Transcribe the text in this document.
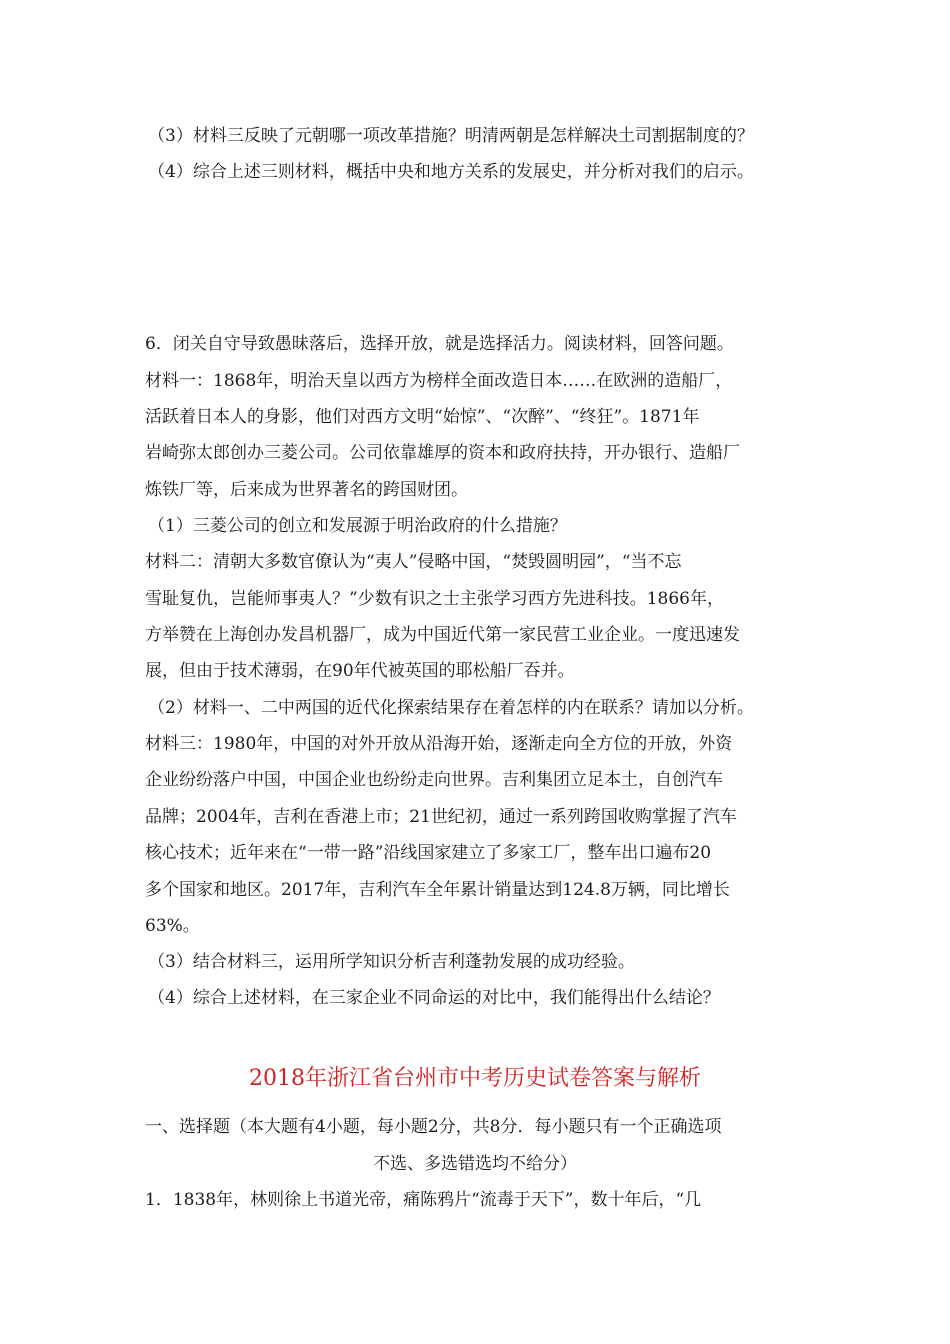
（3）材料三反映了元朝哪一项改革措施？明清两朝是怎样解决土司割据制度的？
（4）综合上述三则材料，概括中央和地方关系的发展史，并分析对我们的启示。
6．闭关自守导致愚昧落后，选择开放，就是选择活力。阅读材料，回答问题。
材料一：1868年，明治天皇以西方为榜样全面改造日本……在欧洲的造船厂，
活跃着日本人的身影，他们对西方文明“始惊”、“次醉”、“终狂”。1871年
岩崎弥太郎创办三菱公司。公司依靠雄厚的资本和政府扶持，开办银行、造船厂
炼铁厂等，后来成为世界著名的跨国财团。
（1）三菱公司的创立和发展源于明治政府的什么措施？
材料二：清朝大多数官僚认为“夷人”侵略中国，“焚毁圆明园”，“当不忘
雪耻复仇，岂能师事夷人？”少数有识之士主张学习西方先进科技。1866年，
方举赞在上海创办发昌机器厂，成为中国近代第一家民营工业企业。一度迅速发
展，但由于技术薄弱，在90年代被英国的耶松船厂吞并。
（2）材料一、二中两国的近代化探索结果存在着怎样的内在联系？请加以分析。
材料三：1980年，中国的对外开放从沿海开始，逐渐走向全方位的开放，外资
企业纷纷落户中国，中国企业也纷纷走向世界。吉利集团立足本土，自创汽车
品牌；2004年，吉利在香港上市；21世纪初，通过一系列跨国收购掌握了汽车
核心技术；近年来在“一带一路”沿线国家建立了多家工厂，整车出口遍布20
多个国家和地区。2017年，吉利汽车全年累计销量达到124.8万辆，同比增长
63%。
（3）结合材料三，运用所学知识分析吉利蓬勃发展的成功经验。
（4）综合上述材料，在三家企业不同命运的对比中，我们能得出什么结论？
2018年浙江省台州市中考历史试卷答案与解析
一、选择题（本大题有4小题，每小题2分，共8分．每小题只有一个正确选项
不选、多选错选均不给分）
1．1838年，林则徐上书道光帝，痛陈鸦片“流毒于天下”，数十年后，“几
